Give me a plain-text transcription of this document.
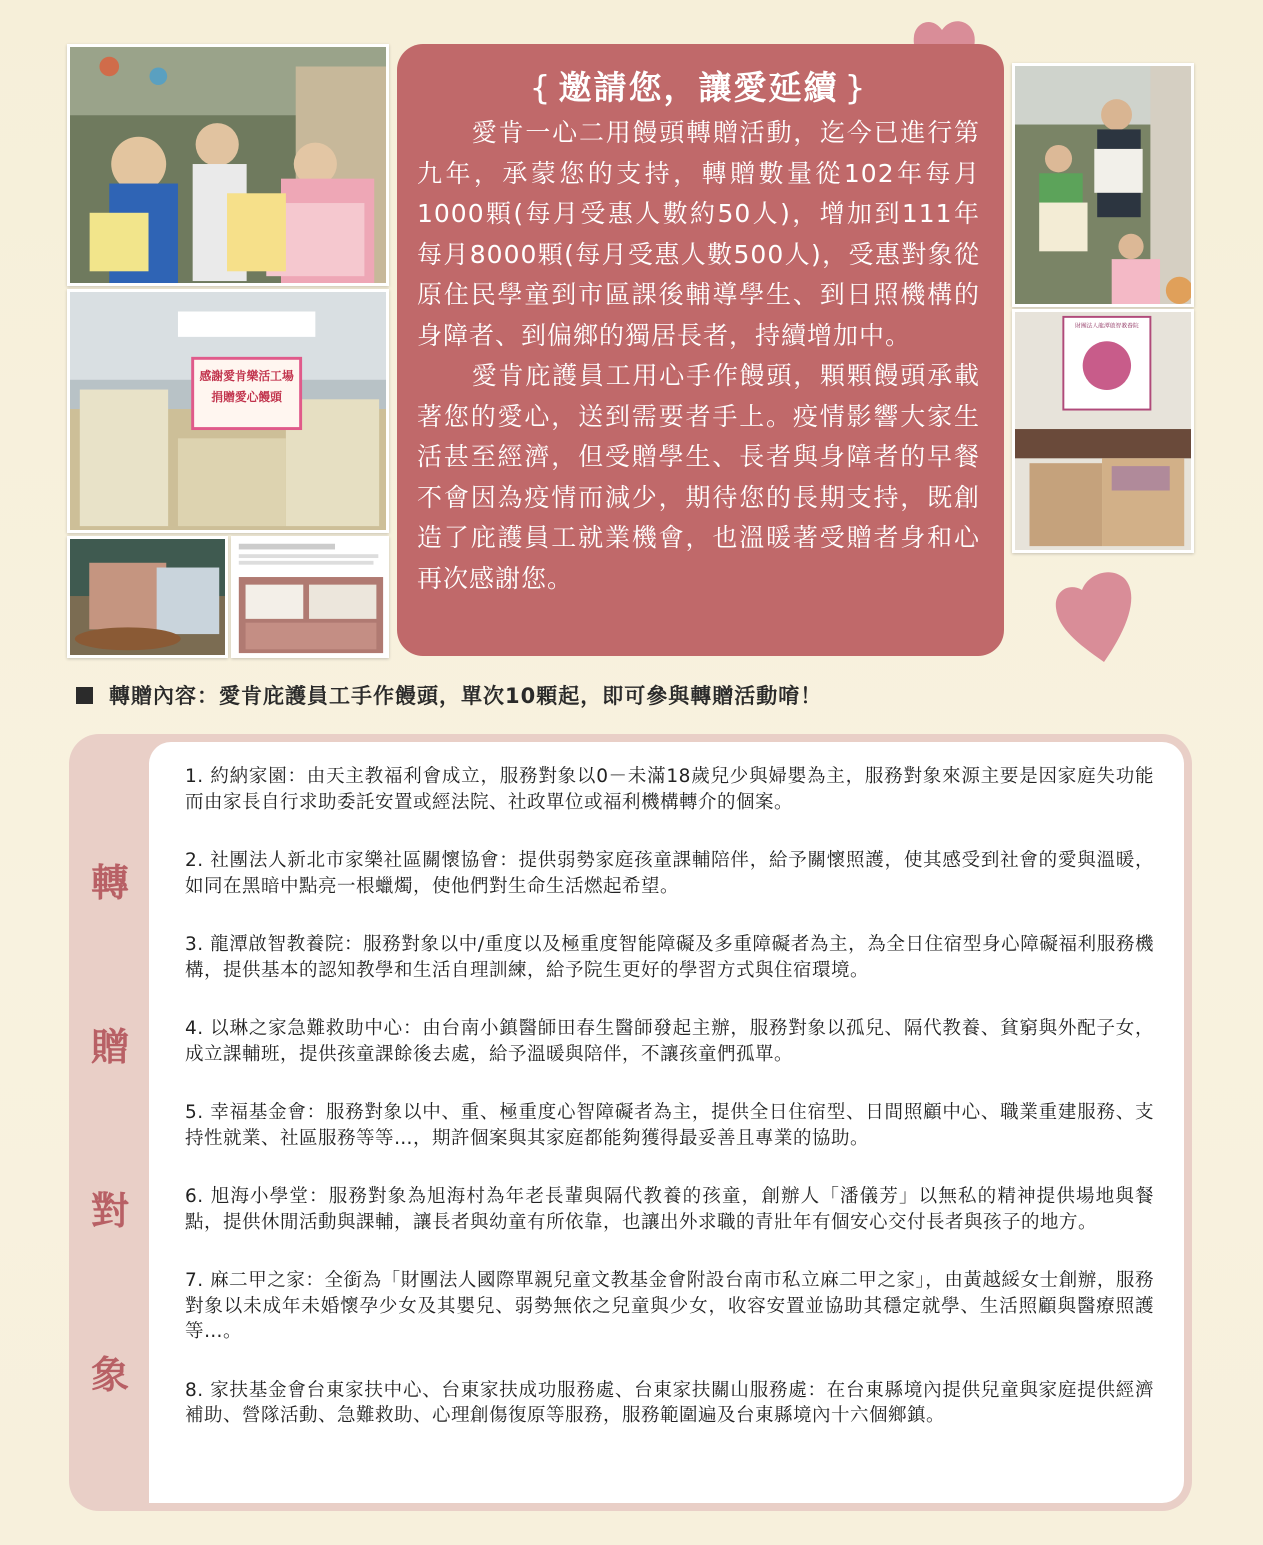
感謝愛肯樂活工場
捐贈愛心饅頭
財團法人龍潭啟智教養院
{ 邀請您，讓愛延續 }

愛肯一心二用饅頭轉贈活動，迄今已進行第九年，承蒙您的支持，轉贈數量從102年每月1000顆(每月受惠人數約50人)，增加到111年每月8000顆(每月受惠人數500人)，受惠對象從原住民學童到市區課後輔導學生、到日照機構的身障者、到偏鄉的獨居長者，持續增加中。

愛肯庇護員工用心手作饅頭，顆顆饅頭承載著您的愛心，送到需要者手上。疫情影響大家生活甚至經濟，但受贈學生、長者與身障者的早餐不會因為疫情而減少，期待您的長期支持，既創造了庇護員工就業機會，也溫暖著受贈者身和心再次感謝您。

轉贈內容：愛肯庇護員工手作饅頭，單次10顆起，即可參與轉贈活動唷！
轉
贈
對
象

1. 約納家園：由天主教福利會成立，服務對象以0－未滿18歲兒少與婦嬰為主，服務對象來源主要是因家庭失功能而由家長自行求助委託安置或經法院、社政單位或福利機構轉介的個案。

2. 社團法人新北市家樂社區關懷協會：提供弱勢家庭孩童課輔陪伴，給予關懷照護，使其感受到社會的愛與溫暖，如同在黑暗中點亮一根蠟燭，使他們對生命生活燃起希望。

3. 龍潭啟智教養院：服務對象以中/重度以及極重度智能障礙及多重障礙者為主，為全日住宿型身心障礙福利服務機構，提供基本的認知教學和生活自理訓練，給予院生更好的學習方式與住宿環境。

4. 以琳之家急難救助中心：由台南小鎮醫師田春生醫師發起主辦，服務對象以孤兒、隔代教養、貧窮與外配子女，成立課輔班，提供孩童課餘後去處，給予溫暖與陪伴，不讓孩童們孤單。

5. 幸福基金會：服務對象以中、重、極重度心智障礙者為主，提供全日住宿型、日間照顧中心、職業重建服務、支持性就業、社區服務等等…，期許個案與其家庭都能夠獲得最妥善且專業的協助。

6. 旭海小學堂：服務對象為旭海村為年老長輩與隔代教養的孩童，創辦人「潘儀芳」以無私的精神提供場地與餐點，提供休閒活動與課輔，讓長者與幼童有所依靠，也讓出外求職的青壯年有個安心交付長者與孩子的地方。

7. 麻二甲之家：全銜為「財團法人國際單親兒童文教基金會附設台南市私立麻二甲之家」，由黃越綏女士創辦，服務對象以未成年未婚懷孕少女及其嬰兒、弱勢無依之兒童與少女，收容安置並協助其穩定就學、生活照顧與醫療照護等…。

8. 家扶基金會台東家扶中心、台東家扶成功服務處、台東家扶關山服務處：在台東縣境內提供兒童與家庭提供經濟補助、營隊活動、急難救助、心理創傷復原等服務，服務範圍遍及台東縣境內十六個鄉鎮。
